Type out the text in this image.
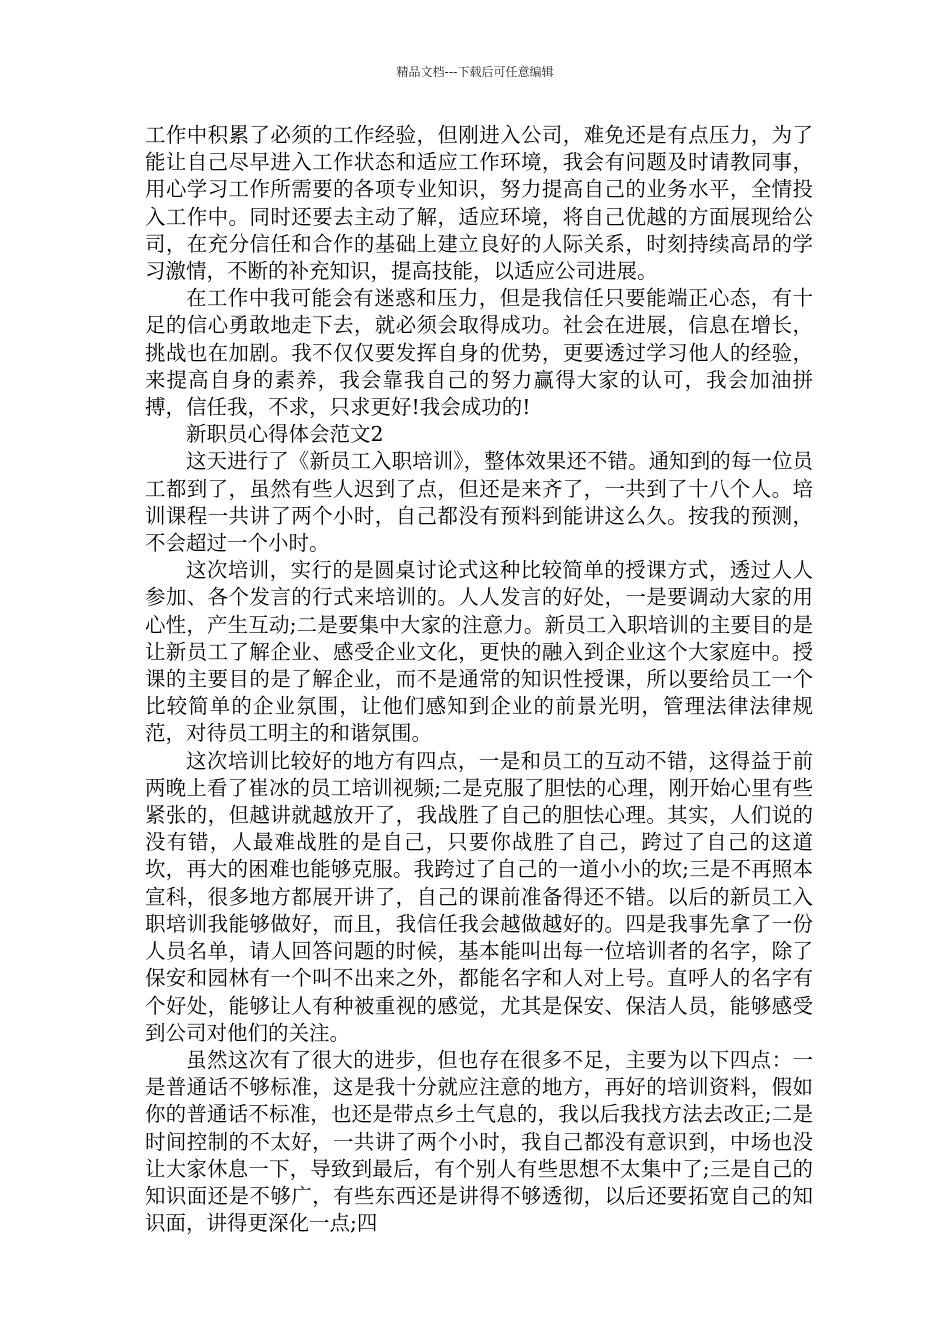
精品文档---下载后可任意编辑

工作中积累了必须的工作经验，但刚进入公司，难免还是有点压力，为了能让自己尽早进入工作状态和适应工作环境，我会有问题及时请教同事，用心学习工作所需要的各项专业知识，努力提高自己的业务水平，全情投入工作中。同时还要去主动了解，适应环境，将自己优越的方面展现给公司，在充分信任和合作的基础上建立良好的人际关系，时刻持续高昂的学习激情，不断的补充知识，提高技能，以适应公司进展。

在工作中我可能会有迷惑和压力，但是我信任只要能端正心态，有十足的信心勇敢地走下去，就必须会取得成功。社会在进展，信息在增长，挑战也在加剧。我不仅仅要发挥自身的优势，更要透过学习他人的经验，来提高自身的素养，我会靠我自己的努力赢得大家的认可，我会加油拼搏，信任我，不求，只求更好!我会成功的!

新职员心得体会范文2

这天进行了《新员工入职培训》，整体效果还不错。通知到的每一位员工都到了，虽然有些人迟到了点，但还是来齐了，一共到了十八个人。培训课程一共讲了两个小时，自己都没有预料到能讲这么久。按我的预测，不会超过一个小时。

这次培训，实行的是圆桌讨论式这种比较简单的授课方式，透过人人参加、各个发言的行式来培训的。人人发言的好处，一是要调动大家的用心性，产生互动;二是要集中大家的注意力。新员工入职培训的主要目的是让新员工了解企业、感受企业文化，更快的融入到企业这个大家庭中。授课的主要目的是了解企业，而不是通常的知识性授课，所以要给员工一个比较简单的企业氛围，让他们感知到企业的前景光明，管理法律法律规范，对待员工明主的和谐氛围。

这次培训比较好的地方有四点，一是和员工的互动不错，这得益于前两晚上看了崔冰的员工培训视频;二是克服了胆怯的心理，刚开始心里有些紧张的，但越讲就越放开了，我战胜了自己的胆怯心理。其实，人们说的没有错，人最难战胜的是自己，只要你战胜了自己，跨过了自己的这道坎，再大的困难也能够克服。我跨过了自己的一道小小的坎;三是不再照本宣科，很多地方都展开讲了，自己的课前准备得还不错。以后的新员工入职培训我能够做好，而且，我信任我会越做越好的。四是我事先拿了一份人员名单，请人回答问题的时候，基本能叫出每一位培训者的名字，除了保安和园林有一个叫不出来之外，都能名字和人对上号。直呼人的名字有个好处，能够让人有种被重视的感觉，尤其是保安、保洁人员，能够感受到公司对他们的关注。

虽然这次有了很大的进步，但也存在很多不足，主要为以下四点：一是普通话不够标准，这是我十分就应注意的地方，再好的培训资料，假如你的普通话不标准，也还是带点乡土气息的，我以后我找方法去改正;二是时间控制的不太好，一共讲了两个小时，我自己都没有意识到，中场也没让大家休息一下，导致到最后，有个别人有些思想不太集中了;三是自己的知识面还是不够广，有些东西还是讲得不够透彻，以后还要拓宽自己的知识面，讲得更深化一点;四
